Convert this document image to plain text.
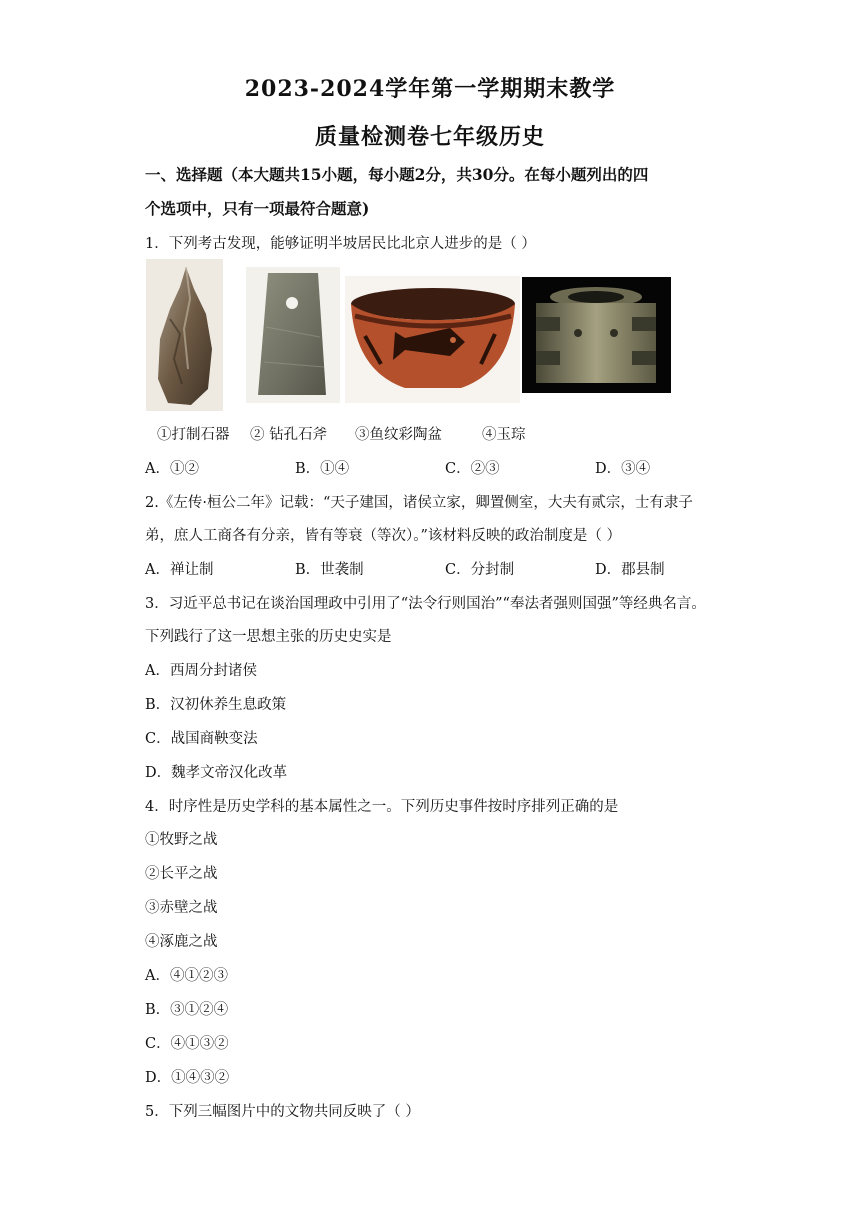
2023-2024学年第一学期期末教学
质量检测卷七年级历史
一、选择题（本大题共15小题，每小题2分，共30分。在每小题列出的四
个选项中，只有一项最符合题意)
1．下列考古发现，能够证明半坡居民比北京人进步的是（ ）
①打制石器 ② 钻孔石斧 ③鱼纹彩陶盆	④玉琮
A．①②	B．①④	C．②③	D．③④
2.《左传·桓公二年》记载：“天子建国，诸侯立家，卿置侧室，大夫有贰宗，士有隶子
弟，庶人工商各有分亲，皆有等衰（等次）。”该材料反映的政治制度是（ ）
A．禅让制	B．世袭制	C．分封制	D．郡县制
3．习近平总书记在谈治国理政中引用了“法令行则国治”“奉法者强则国强”等经典名言。
下列践行了这一思想主张的历史史实是
A．西周分封诸侯
B．汉初休养生息政策
C．战国商鞅变法
D．魏孝文帝汉化改革
4．时序性是历史学科的基本属性之一。下列历史事件按时序排列正确的是
①牧野之战
②长平之战
③赤壁之战
④涿鹿之战
A．④①②③
B．③①②④
C．④①③②
D．①④③②
5．下列三幅图片中的文物共同反映了（ ）
